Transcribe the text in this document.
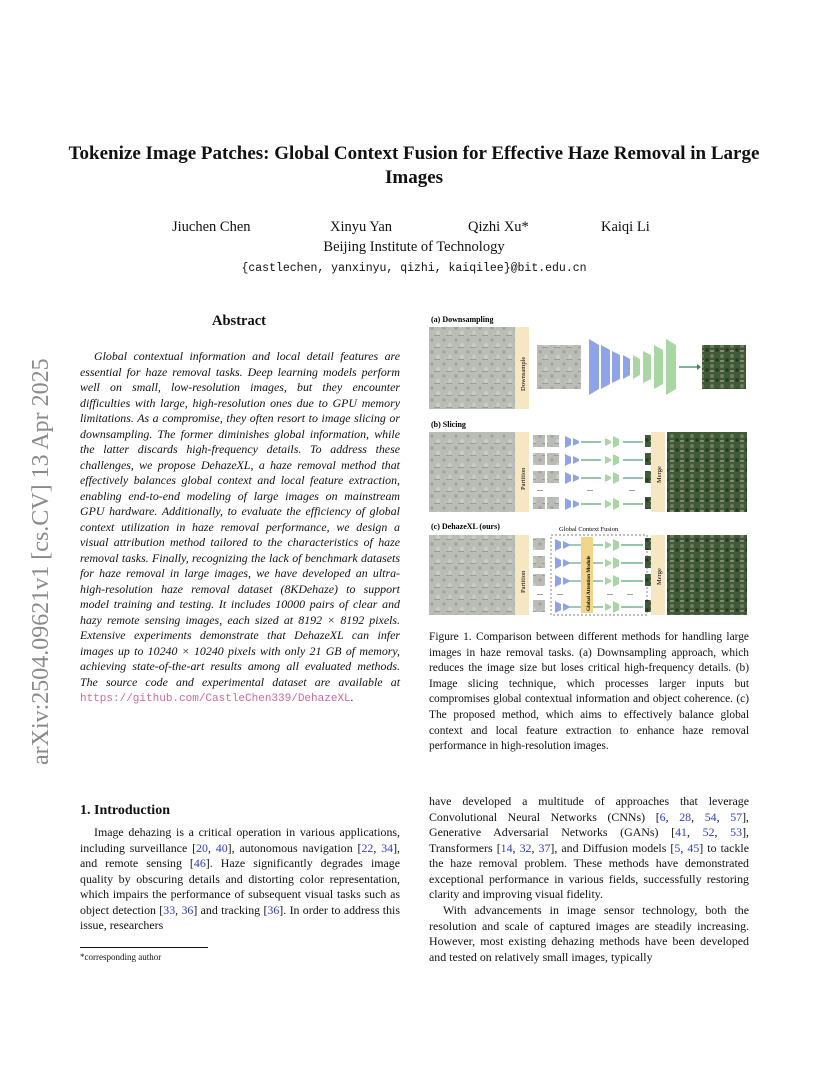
arXiv:2504.09621v1 [cs.CV] 13 Apr 2025
Tokenize Image Patches: Global Context Fusion for Effective Haze Removal in Large Images
Jiuchen Chen	Xinyu Yan	Qizhi Xu*	Kaiqi Li
Beijing Institute of Technology
{castlechen, yanxinyu, qizhi, kaiqilee}@bit.edu.cn
Abstract
Global contextual information and local detail features are essential for haze removal tasks. Deep learning models perform well on small, low-resolution images, but they encounter difficulties with large, high-resolution ones due to GPU memory limitations. As a compromise, they often resort to image slicing or downsampling. The former diminishes global information, while the latter discards high-frequency details. To address these challenges, we propose DehazeXL, a haze removal method that effectively balances global context and local feature extraction, enabling end-to-end modeling of large images on mainstream GPU hardware. Additionally, to evaluate the efficiency of global context utilization in haze removal performance, we design a visual attribution method tailored to the characteristics of haze removal tasks. Finally, recognizing the lack of benchmark datasets for haze removal in large images, we have developed an ultra-high-resolution haze removal dataset (8KDehaze) to support model training and testing. It includes 10000 pairs of clear and hazy remote sensing images, each sized at 8192 × 8192 pixels. Extensive experiments demonstrate that DehazeXL can infer images up to 10240 × 10240 pixels with only 21 GB of memory, achieving state-of-the-art results among all evaluated methods. The source code and experimental dataset are available at https://github.com/CastleChen339/DehazeXL.
(a) Downsampling
Downsample
(b) Slicing
Partition ...	...	...
Merge
(c) DehazeXL (ours)	Global Context Fusion
Partition	Global Attention Module
... ...	... ...
Merge
Figure 1. Comparison between different methods for handling large images in haze removal tasks. (a) Downsampling approach, which reduces the image size but loses critical high-frequency details. (b) Image slicing technique, which processes larger inputs but compromises global contextual information and object coherence. (c) The proposed method, which aims to effectively balance global context and local feature extraction to enhance haze removal performance in high-resolution images.
1. Introduction
Image dehazing is a critical operation in various applications, including surveillance [20, 40], autonomous navigation [22, 34], and remote sensing [46]. Haze significantly degrades image quality by obscuring details and distorting color representation, which impairs the performance of subsequent visual tasks such as object detection [33, 36] and tracking [36]. In order to address this issue, researchers
*corresponding author
have developed a multitude of approaches that leverage Convolutional Neural Networks (CNNs) [6, 28, 54, 57], Generative Adversarial Networks (GANs) [41, 52, 53], Transformers [14, 32, 37], and Diffusion models [5, 45] to tackle the haze removal problem. These methods have demonstrated exceptional performance in various fields, successfully restoring clarity and improving visual fidelity.
With advancements in image sensor technology, both the resolution and scale of captured images are steadily increasing. However, most existing dehazing methods have been developed and tested on relatively small images, typically
